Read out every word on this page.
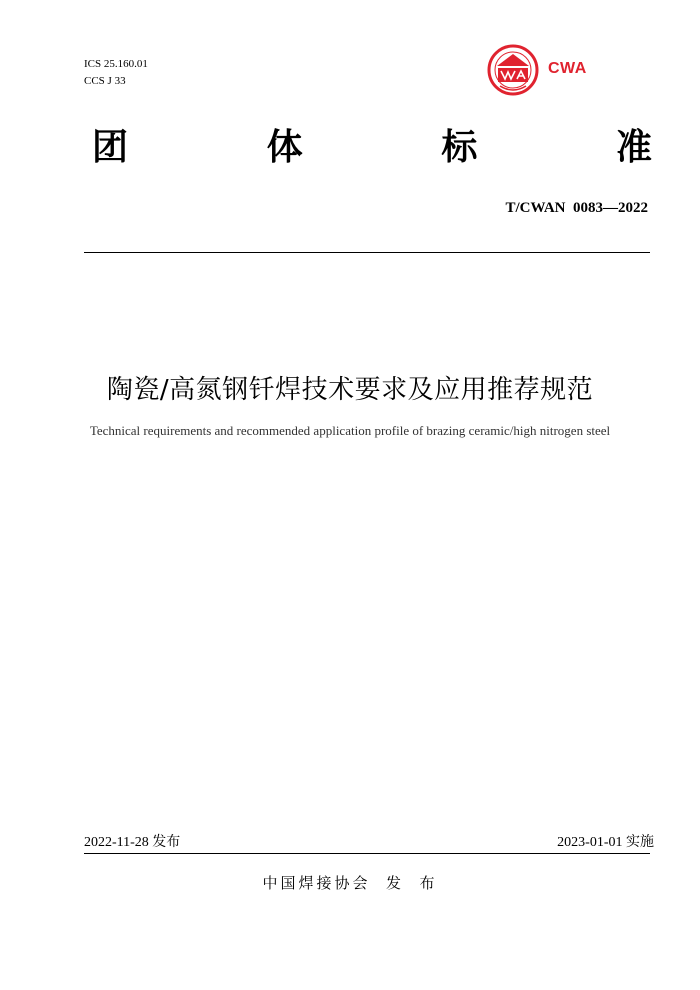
ICS 25.160.01
CCS J 33
CWA
团	体	标	准
T/CWAN  0083—2022
陶瓷/高氮钢钎焊技术要求及应用推荐规范
Technical requirements and recommended application profile of brazing ceramic/high nitrogen steel
2022-11-28 发布	2023-01-01 实施
中国焊接协会  发  布
